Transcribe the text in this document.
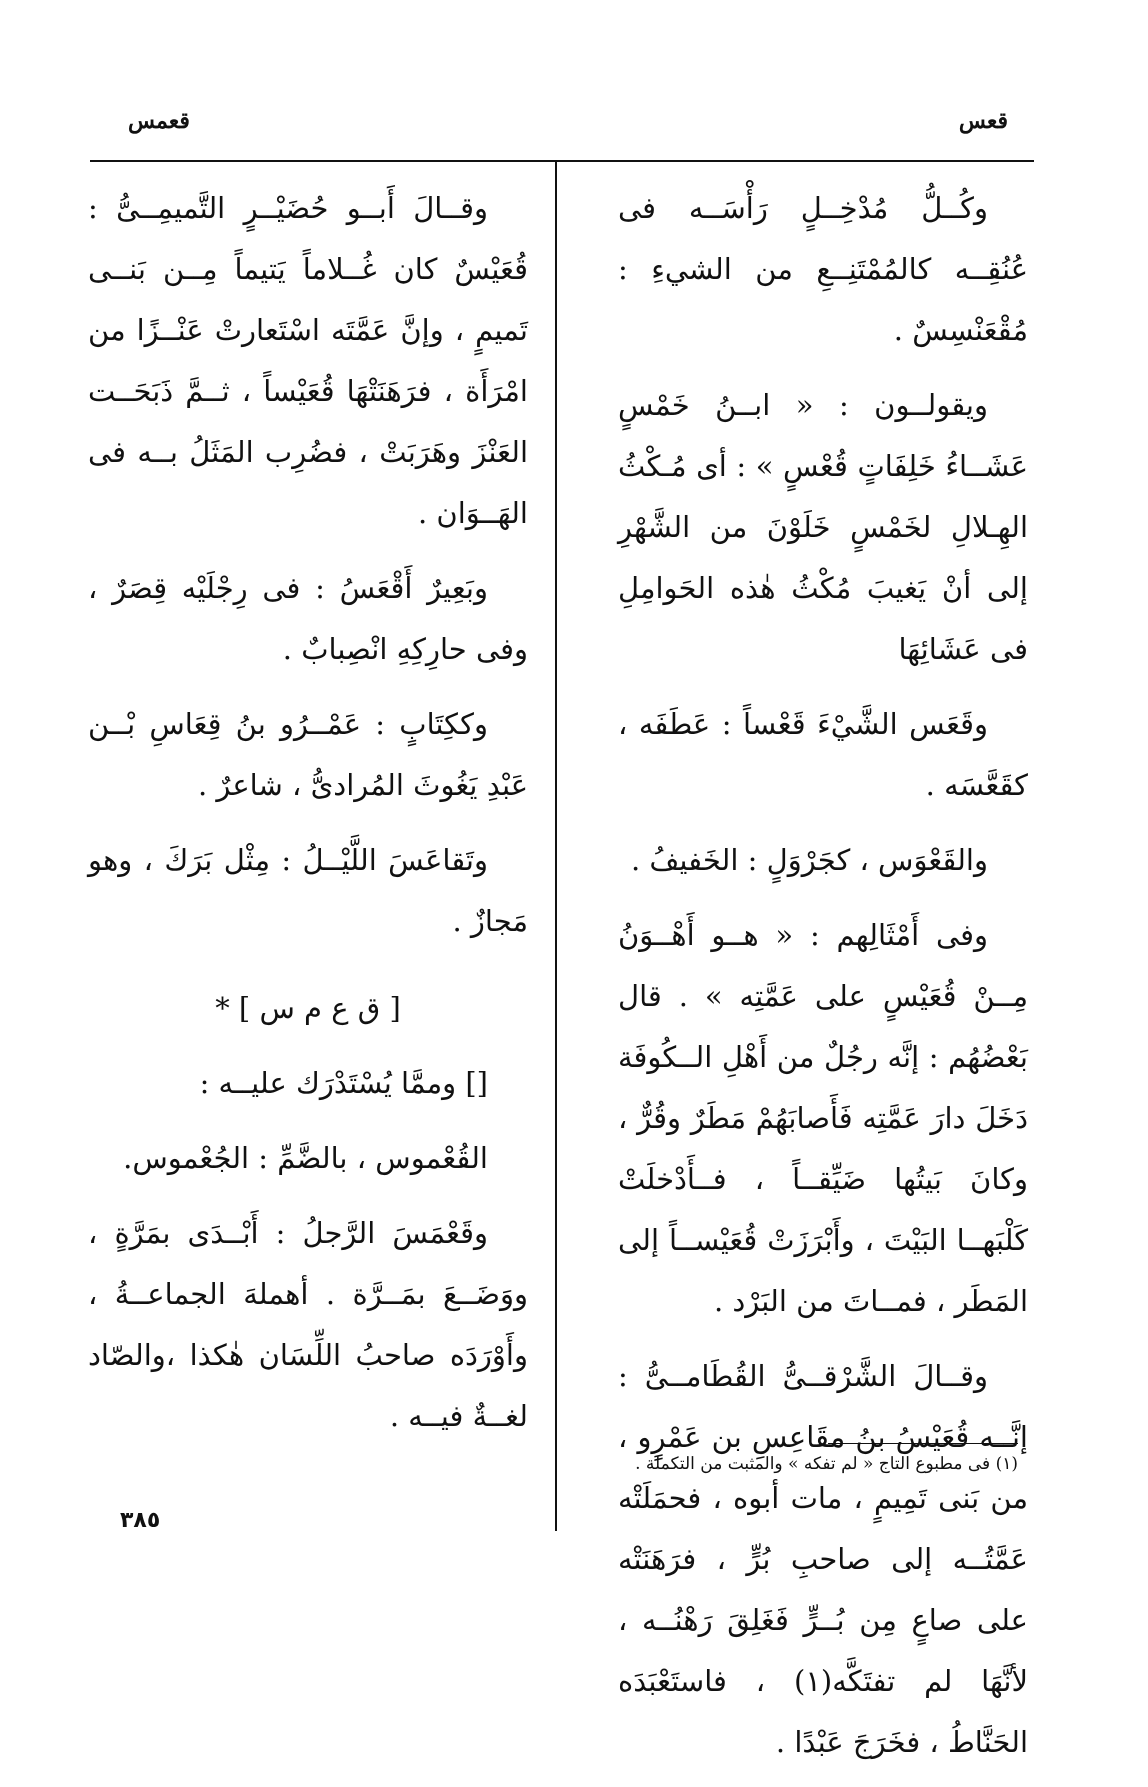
قعس
قعمس

وكُــلُّ مُدْخِــلٍ رَأْسَــه فى عُنُقِــه كالمُمْتَنِــعِ من الشيءِ : مُقْعَنْسِسٌ .

ويقولــون : « ابــنُ خَمْسٍ عَشَــاءُ خَلِفَاتٍ قُعْسٍ » : أى مُـكْثُ الهِـلالِ لخَمْسٍ خَلَوْنَ من الشَّهْرِ إلى أنْ يَغيبَ مُكْثُ هٰذه الحَوامِلِ فى عَشَائِهَا

وقَعَس الشَّيْءَ قَعْساً : عَطَفَه ، كقَعَّسَه .

والقَعْوَس ، كجَرْوَلٍ : الخَفيفُ .

وفى أَمْثَالِهم : « هــو أَهْــوَنُ مِــنْ قُعَيْسٍ على عَمَّتِه » . قال بَعْضُهُم : إنَّه رجُلٌ من أَهْلِ الــكُوفَة دَخَلَ دارَ عَمَّتِه فَأَصابَهُمْ مَطَرٌ وقُرٌّ ، وكانَ بَيتُها ضَيِّقــاً ، فــأَدْخلَتْ كَلْبَهــا البَيْتَ ، وأَبْرَزَتْ قُعَيْســاً إلى المَطَر ، فمــاتَ من البَرْد .

وقــالَ الشَّرْقــىُّ القُطَامــىُّ : إنَّــه قُعَيْسُ بنُ مقَاعِسِ بن عَمْرٍو ، من بَنى تَمِيمٍ ، مات أبوه ، فحمَلَتْه عَمَّتُــه إلى صاحبِ بُرٍّ ، فرَهَنَتْه على صاعٍ مِن بُــرٍّ فَغَلِقَ رَهْنُــه ، لأنَّهَا لم تفتَكَّه(١) ، فاستَعْبَدَه الحَنَّاطُ ، فخَرَجَ عَبْدًا .

وقــالَ أَبــو حُضَيْــرٍ التَّميمِــىُّ : قُعَيْسٌ كان غُــلاماً يَتيماً مِــن بَنــى تَميمٍ ، وإنَّ عَمَّتَه اسْتَعارتْ عَنْــزًا من امْرَأَة ، فرَهَنَتْهَا قُعَيْساً ، ثــمَّ ذَبَحَــت العَنْزَ وهَرَبَتْ ، فضُرِب المَثَلُ بــه فى الهَــوَان .

وبَعِيرٌ أَقْعَسُ : فى رِجْلَيْه قِصَرٌ ، وفى حارِكِهِ انْصِبابٌ .

وككِتَابٍ : عَمْــرُو بنُ قِعَاسِ بْــن عَبْدِ يَغُوثَ المُرادىُّ ، شاعرٌ .

وتَقاعَسَ اللَّيْــلُ : مِثْل بَرَكَ ، وهو مَجازٌ .

[ ق ع م س ] *

[] وممَّا يُسْتَدْرَك عليــه :

القُعْموس ، بالضَّمِّ : الجُعْموس.

وقَعْمَسَ الرَّجلُ : أَبْــدَى بمَرَّةٍ ، ووَضَــعَ بمَــرَّة . أهملهَ الجماعــةُ ، وأَوْرَدَه صاحبُ اللِّسَان هٰكذا ،والصّاد لغــةٌ فيــه .

(١) فى مطبوع التاج « لم تفكه » والمثبت من التكملة .
٣٨٥
